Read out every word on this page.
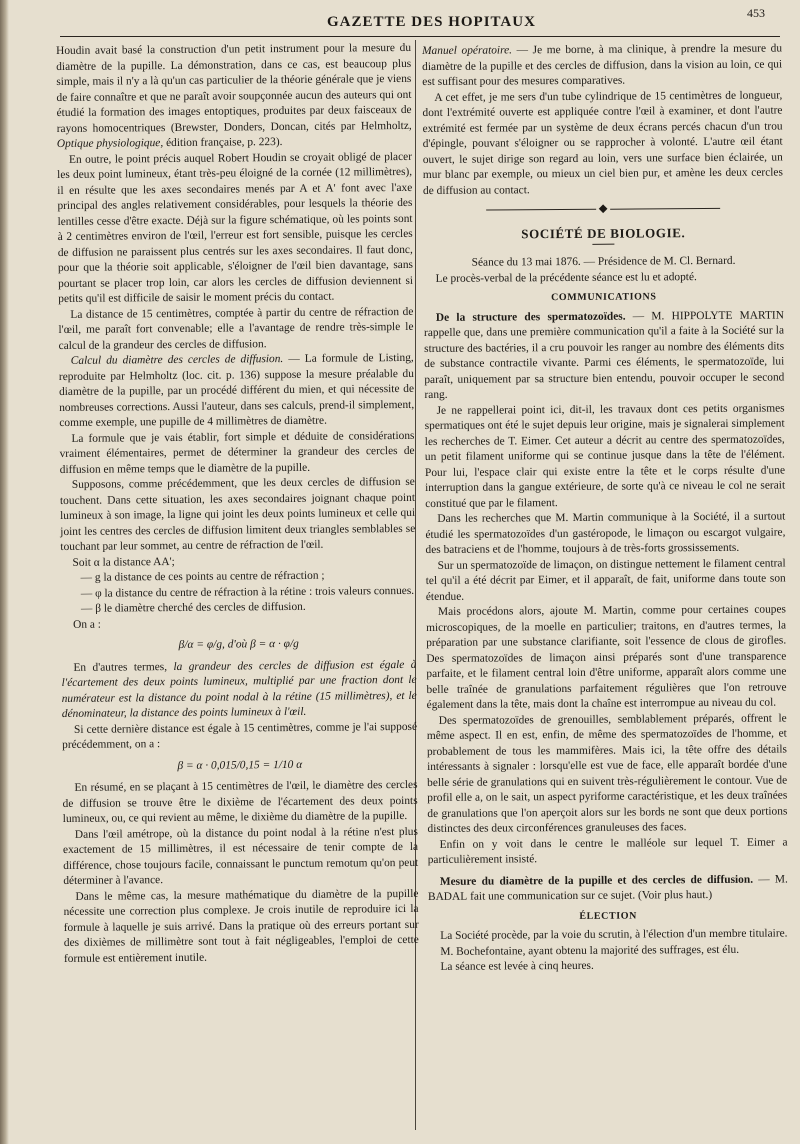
GAZETTE DES HOPITAUX
453

Houdin avait basé la construction d'un petit instrument pour la mesure du diamètre de la pupille. La démonstration, dans ce cas, est beaucoup plus simple, mais il n'y a là qu'un cas particulier de la théorie générale que je viens de faire connaître et que ne paraît avoir soupçonnée aucun des auteurs qui ont étudié la formation des images entoptiques, produites par deux faisceaux de rayons homocentriques (Brewster, Donders, Doncan, cités par Helmholtz, Optique physiologique, édition française, p. 223).

En outre, le point précis auquel Robert Houdin se croyait obligé de placer les deux point lumineux, étant très-peu éloigné de la cornée (12 millimètres), il en résulte que les axes secondaires menés par A et A' font avec l'axe principal des angles relativement considérables, pour lesquels la théorie des lentilles cesse d'être exacte. Déjà sur la figure schématique, où les points sont à 2 centimètres environ de l'œil, l'erreur est fort sensible, puisque les cercles de diffusion ne paraissent plus centrés sur les axes secondaires. Il faut donc, pour que la théorie soit applicable, s'éloigner de l'œil bien davantage, sans pourtant se placer trop loin, car alors les cercles de diffusion deviennent si petits qu'il est difficile de saisir le moment précis du contact.

La distance de 15 centimètres, comptée à partir du centre de réfraction de l'œil, me paraît fort convenable; elle a l'avantage de rendre très-simple le calcul de la grandeur des cercles de diffusion.

Calcul du diamètre des cercles de diffusion. — La formule de Listing, reproduite par Helmholtz (loc. cit. p. 136) suppose la mesure préalable du diamètre de la pupille, par un procédé différent du mien, et qui nécessite de nombreuses corrections. Aussi l'auteur, dans ses calculs, prend-il simplement, comme exemple, une pupille de 4 millimètres de diamètre.

La formule que je vais établir, fort simple et déduite de considérations vraiment élémentaires, permet de déterminer la grandeur des cercles de diffusion en même temps que le diamètre de la pupille.

Supposons, comme précédemment, que les deux cercles de diffusion se touchent. Dans cette situation, les axes secondaires joignant chaque point lumineux à son image, la ligne qui joint les deux points lumineux et celle qui joint les centres des cercles de diffusion limitent deux triangles semblables se touchant par leur sommet, au centre de réfraction de l'œil.

Soit α la distance AA';

— g la distance de ces points au centre de réfraction ;
— φ la distance du centre de réfraction à la rétine : trois valeurs connues.
— β le diamètre cherché des cercles de diffusion.

On a :

β/α = φ/g, d'où β = α · φ/g

En d'autres termes, la grandeur des cercles de diffusion est égale à l'écartement des deux points lumineux, multiplié par une fraction dont le numérateur est la distance du point nodal à la rétine (15 millimètres), et le dénominateur, la distance des points lumineux à l'œil.

Si cette dernière distance est égale à 15 centimètres, comme je l'ai supposé précédemment, on a :

β = α · 0,015/0,15 = 1/10 α

En résumé, en se plaçant à 15 centimètres de l'œil, le diamètre des cercles de diffusion se trouve être le dixième de l'écartement des deux points lumineux, ou, ce qui revient au même, le dixième du diamètre de la pupille.

Dans l'œil amétrope, où la distance du point nodal à la rétine n'est plus exactement de 15 millimètres, il est nécessaire de tenir compte de la différence, chose toujours facile, connaissant le punctum remotum qu'on peut déterminer à l'avance.

Dans le même cas, la mesure mathématique du diamètre de la pupille nécessite une correction plus complexe. Je crois inutile de reproduire ici la formule à laquelle je suis arrivé. Dans la pratique où des erreurs portant sur des dixièmes de millimètre sont tout à fait négligeables, l'emploi de cette formule est entièrement inutile.

Manuel opératoire. — Je me borne, à ma clinique, à prendre la mesure du diamètre de la pupille et des cercles de diffusion, dans la vision au loin, ce qui est suffisant pour des mesures comparatives.

A cet effet, je me sers d'un tube cylindrique de 15 centimètres de longueur, dont l'extrémité ouverte est appliquée contre l'œil à examiner, et dont l'autre extrémité est fermée par un système de deux écrans percés chacun d'un trou d'épingle, pouvant s'éloigner ou se rapprocher à volonté. L'autre œil étant ouvert, le sujet dirige son regard au loin, vers une surface bien éclairée, un mur blanc par exemple, ou mieux un ciel bien pur, et amène les deux cercles de diffusion au contact.

◆
SOCIÉTÉ DE BIOLOGIE.

Séance du 13 mai 1876. — Présidence de M. Cl. Bernard.

Le procès-verbal de la précédente séance est lu et adopté.

COMMUNICATIONS

De la structure des spermatozoïdes. — M. HIPPOLYTE MARTIN rappelle que, dans une première communication qu'il a faite à la Société sur la structure des bactéries, il a cru pouvoir les ranger au nombre des éléments dits de substance contractile vivante. Parmi ces éléments, le spermatozoïde, lui paraît, uniquement par sa structure bien entendu, pouvoir occuper le second rang.

Je ne rappellerai point ici, dit-il, les travaux dont ces petits organismes spermatiques ont été le sujet depuis leur origine, mais je signalerai simplement les recherches de T. Eimer. Cet auteur a décrit au centre des spermatozoïdes, un petit filament uniforme qui se continue jusque dans la tête de l'élément. Pour lui, l'espace clair qui existe entre la tête et le corps résulte d'une interruption dans la gangue extérieure, de sorte qu'à ce niveau le col ne serait constitué que par le filament.

Dans les recherches que M. Martin communique à la Société, il a surtout étudié les spermatozoïdes d'un gastéropode, le limaçon ou escargot vulgaire, des batraciens et de l'homme, toujours à de très-forts grossissements.

Sur un spermatozoïde de limaçon, on distingue nettement le filament central tel qu'il a été décrit par Eimer, et il apparaît, de fait, uniforme dans toute son étendue.

Mais procédons alors, ajoute M. Martin, comme pour certaines coupes microscopiques, de la moelle en particulier; traitons, en d'autres termes, la préparation par une substance clarifiante, soit l'essence de clous de girofles. Des spermatozoïdes de limaçon ainsi préparés sont d'une transparence parfaite, et le filament central loin d'être uniforme, apparaît alors comme une belle traînée de granulations parfaitement régulières que l'on retrouve également dans la tête, mais dont la chaîne est interrompue au niveau du col.

Des spermatozoïdes de grenouilles, semblablement préparés, offrent le même aspect. Il en est, enfin, de même des spermatozoïdes de l'homme, et probablement de tous les mammifères. Mais ici, la tête offre des détails intéressants à signaler : lorsqu'elle est vue de face, elle apparaît bordée d'une belle série de granulations qui en suivent très-régulièrement le contour. Vue de profil elle a, on le sait, un aspect pyriforme caractéristique, et les deux traînées de granulations que l'on aperçoit alors sur les bords ne sont que deux portions distinctes des deux circonférences granuleuses des faces.

Enfin on y voit dans le centre le malléole sur lequel T. Eimer a particulièrement insisté.

Mesure du diamètre de la pupille et des cercles de diffusion. — M. BADAL fait une communication sur ce sujet. (Voir plus haut.)

ÉLECTION

La Société procède, par la voie du scrutin, à l'élection d'un membre titulaire.

M. Bochefontaine, ayant obtenu la majorité des suffrages, est élu.

La séance est levée à cinq heures.
